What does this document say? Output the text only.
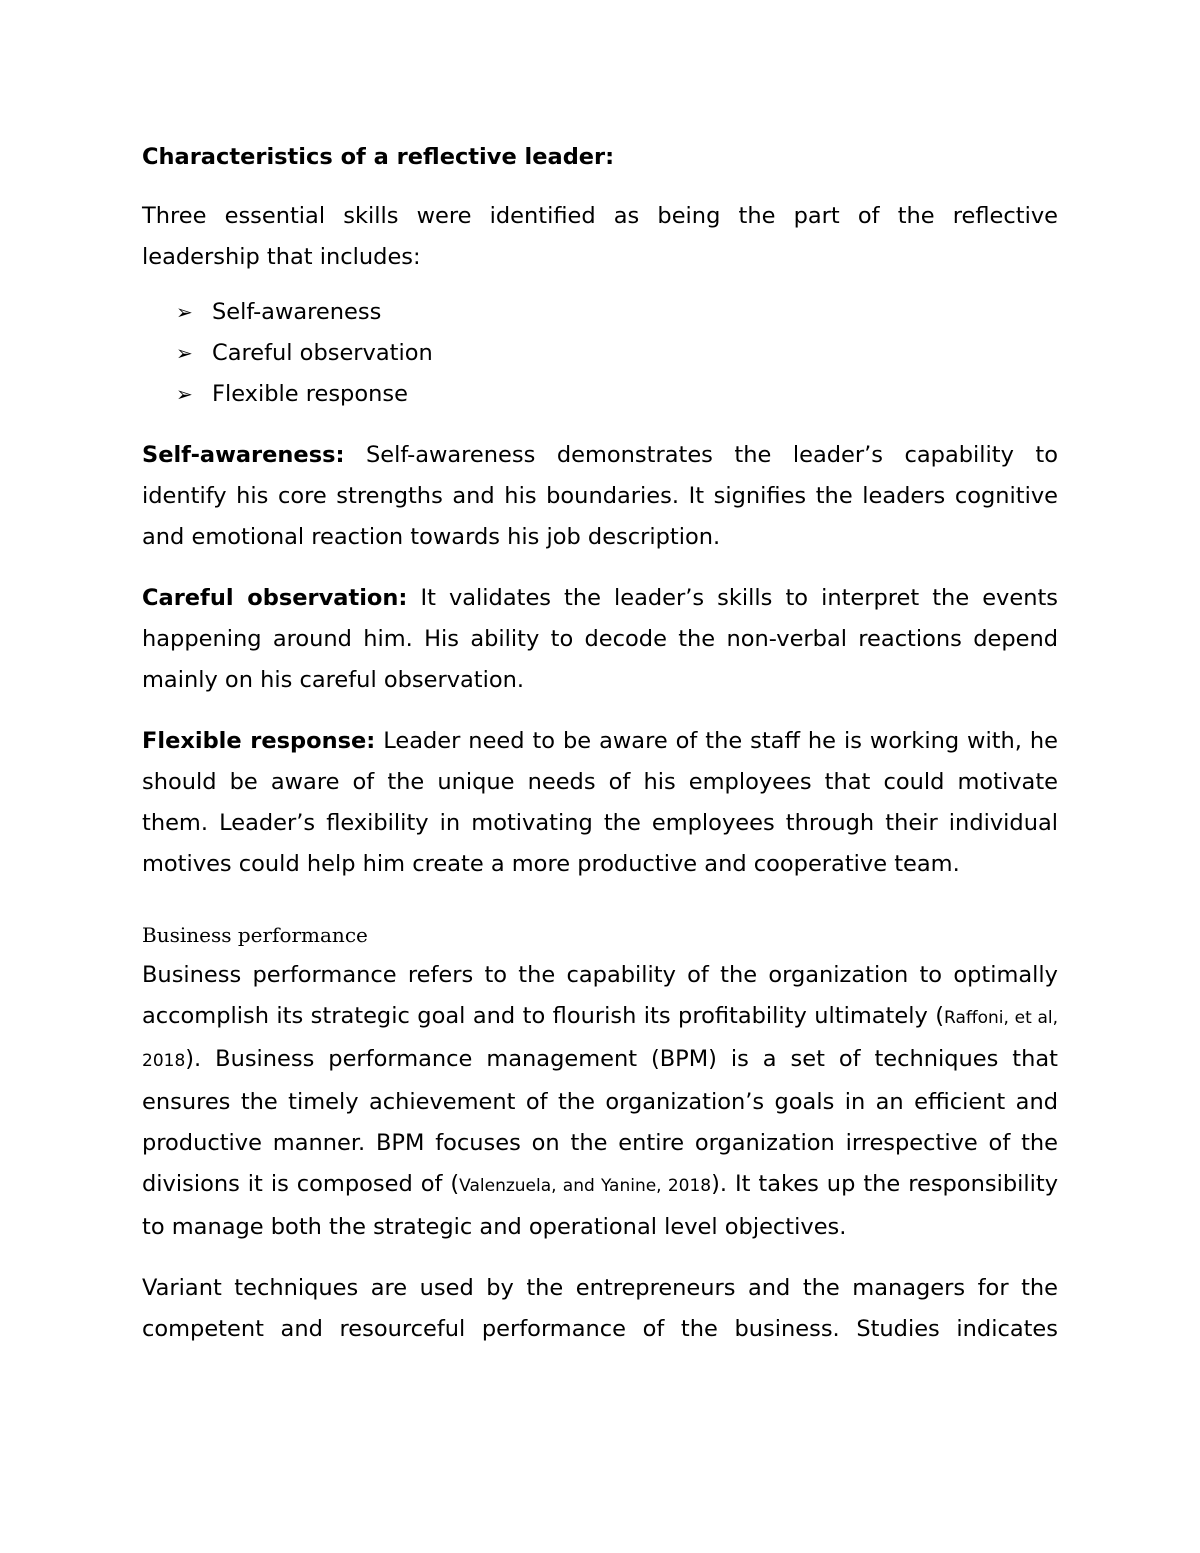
Characteristics of a reflective leader:

Three essential skills were identified as being the part of the reflective leadership that includes:

➢ Self-awareness
➢ Careful observation
➢ Flexible response

Self-awareness: Self-awareness demonstrates the leader’s capability to identify his core strengths and his boundaries. It signifies the leaders cognitive and emotional reaction towards his job description.

Careful observation: It validates the leader’s skills to interpret the events happening around him. His ability to decode the non-verbal reactions depend mainly on his careful observation.

Flexible response: Leader need to be aware of the staff he is working with, he should be aware of the unique needs of his employees that could motivate them. Leader’s flexibility in motivating the employees through their individual motives could help him create a more productive and cooperative team.

Business performance

Business performance refers to the capability of the organization to optimally accomplish its strategic goal and to flourish its profitability ultimately (Raffoni, et al, 2018). Business performance management (BPM) is a set of techniques that ensures the timely achievement of the organization’s goals in an efficient and productive manner. BPM focuses on the entire organization irrespective of the divisions it is composed of (Valenzuela, and Yanine, 2018). It takes up the responsibility to manage both the strategic and operational level objectives.

Variant techniques are used by the entrepreneurs and the managers for the competent and resourceful performance of the business. Studies indicates
